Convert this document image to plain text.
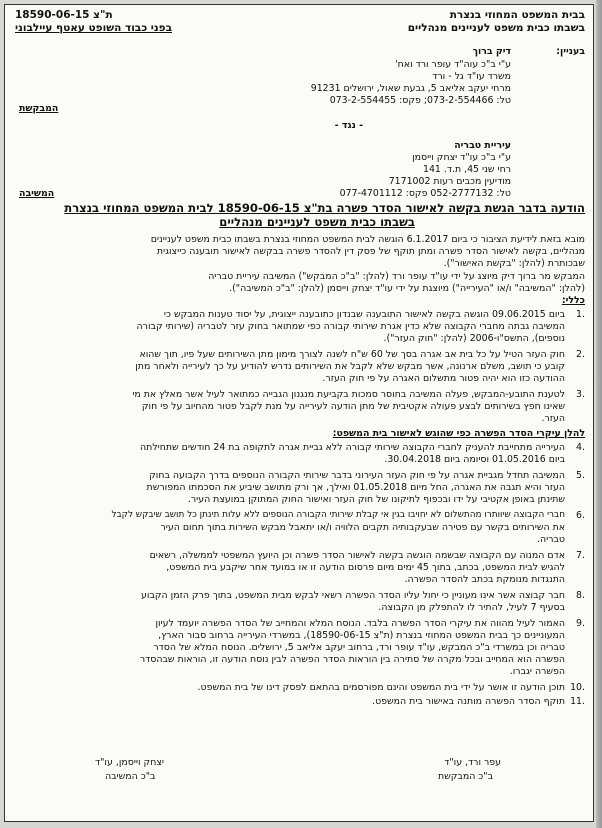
בבית המשפט המחוזי בנצרת
בשבתו כבית משפט לעניינים מנהליים
ת"צ 18590-06-15
בפני כבוד השופט עאטף עיילבוני
בעניין:
דיק ברוך
ע"י ב"כ עוה"ד עופר ורד ואח'
משרד עו"ד גל - ורד
מרחי יעקב אליאב 5, גבעת שאול, ירושלים 91231
טל: 073-2-554466; פקס: 073-2-554455
המבקשת
- נגד -
עיריית טבריה
ע"י ב"כ עו"ד יצחק וייסמן
רחי שני 45, ת.ד. 141
מודיעין מכבים רעות 7171002
טל: 052-2777132 פקס: 077-4701112
המשיבה
הודעה בדבר הגשת בקשה לאישור הסדר פשרה בת"צ 18590-06-15 לבית המשפט המחוזי בנצרת
בשבתו כבית משפט לעניינים מנהליים
מובא בזאת לידיעת הציבור כי ביום 6.1.2017 הוגשה לבית המשפט המחוזי בנצרת בשבתו כבית משפט לעניינים
מנהליים, בקשה לאישור הסדר פשרה ומתן תוקף של פסק דין להסדר פשרה בבקשה לאישור תובענה כייצוגית
שבכותרת (להלן: "בקשת האישור").
המבקש מר ברוך דיק מיוצג על ידי עו"ד עופר ורד (להלן: "ב"כ המבקש") המשיבה עיריית טבריה
(להלן: "המשיבה" ו/או "העירייה") מיוצגת על ידי עו"ד יצחק וייסמן (להלן: "ב"כ המשיבה").
כללי:
1.
ביום 09.06.2015 הוגשה בקשה לאישור התובענה שבנדון כתובענה ייצוגית, על יסוד טענות המבקש כי
המשיבה גבתה מחברי הקבוצה שלא כדין אגרת שירותי קבורה כפי שמתואר בחוק עזר לטבריה (שירותי קבורה
נוספים), התשס"ו-2006 (להלן: "חוק העזר").
2.
חוק העזר הטיל על כל בית אב אגרה בסך של 60 ש"ח לשנה לצורך מימון מתן השירותים שעל פיו, תוך שהוא
קובע כי תושב, משלם ארנונה, אשר מבקש שלא לקבל את השירותים נדרש להודיע על כך לעירייה ולאחר מתן
ההודעה כזו הוא יהיה פטור מתשלום האגרה על פי חוק העזר.
3.
לטענת התובע-המבקש, פעלה המשיבה בחוסר סמכות בקביעת מנגנון הגבייה כמתואר לעיל אשר מאלץ את מי
שאינו חפץ בשירותים לבצע פעולה אקטיבית של מתן הודעה לעירייה על מנת לקבל פטור מהחיוב על פי חוק
העזר.
להלן עיקרי הסדר הפשרה כפי שהוגש לאישור בית המשפט:
4.
העירייה מתחייבת להעניק לחברי הקבוצה שירותי קבורה ללא גביית אגרה לתקופה בת 24 חודשים שתחילתה
ביום 01.05.2016 וסיומה ביום 30.04.2018.
5.
המשיבה תחדל מגביית אגרה על פי חוק העזר העירוני בדבר שירותי הקבורה הנוספים בדרך הקבועה בחוק
העזר והיא תגבה את האגרה, החל מיום 01.05.2018 ואילך, אך ורק מתושב שיביע את הסכמתו המפורשת
שתינתן באופן אקטיבי על ידו ובכפוף לתיקונו של חוק העזר ואישור החוק המתוקן במועצת העיר.
6.
חברי הקבוצה שיוותרו מהתשלום לא יחויבו בגין אי קבלת שירותי הקבורה הנוספים ללא עלות תינתן כל תושב שיבקש לקבל
את השירותים בקשר עם פטירה שבעקבותיה תקבים הלוויה ו/או יתאבל מבקש השירות בתוך תחום העיר
טבריה.
7.
אדם המנוה עם הקבוצה שבשמה הוגשה בקשה לאישור הסדר פשרה וכן היועץ המשפטי לממשלה, רשאים
להגיש לבית המשפט, בכתב, בתוך 45 ימים מיום פרסום הודעה זו או במועד אחר שיקבע בית המשפט,
התנגדות מנומקת בכתב להסדר הפשרה.
8.
חבר קבוצה אשר אינו מעוניין כי יחול עליו הסדר הפשרה רשאי לבקש מבית המשפט, בתוך פרק הזמן הקבוע
בסעיף 7 לעיל, להתיר לו להתפלק מן הקבוצה.
9.
האמור לעיל מהווה את עיקרי הסדר הפשרה בלבד. הנוסח המלא והמחייב של הסדר הפשרה יועמד לעיון
המעוניינים כך בבית המשפט המחוזי בנצרת (ת"צ 18590-06-15), במשרדי העירייה ברחוב סבור הארץ,
טבריה וכן במשרדי ב"כ המבקש, עו"ד עופר ורד, ברחוב יעקב אליאב 5, ירושלים. הנוסח המלא של הסדר
הפשרה הוא המחייב ובכל מקרה של סתירה בין הוראות הסדר הפשרה לבין נוסח הודעה זו, הוראות שבהסדר
הפשרה יגברו.
10.
תוכן הודעה זו אושר על ידי בית המשפט והינם מפורסמים בהתאם לפסק דינו של בית המשפט.
11.
תוקף הסדר הפשרה מותנה באישור בית המשפט.
עפר ורד, עו"ד
ב"כ המבקשת
יצחק וייסמן, עו"ד
ב"כ המשיבה
